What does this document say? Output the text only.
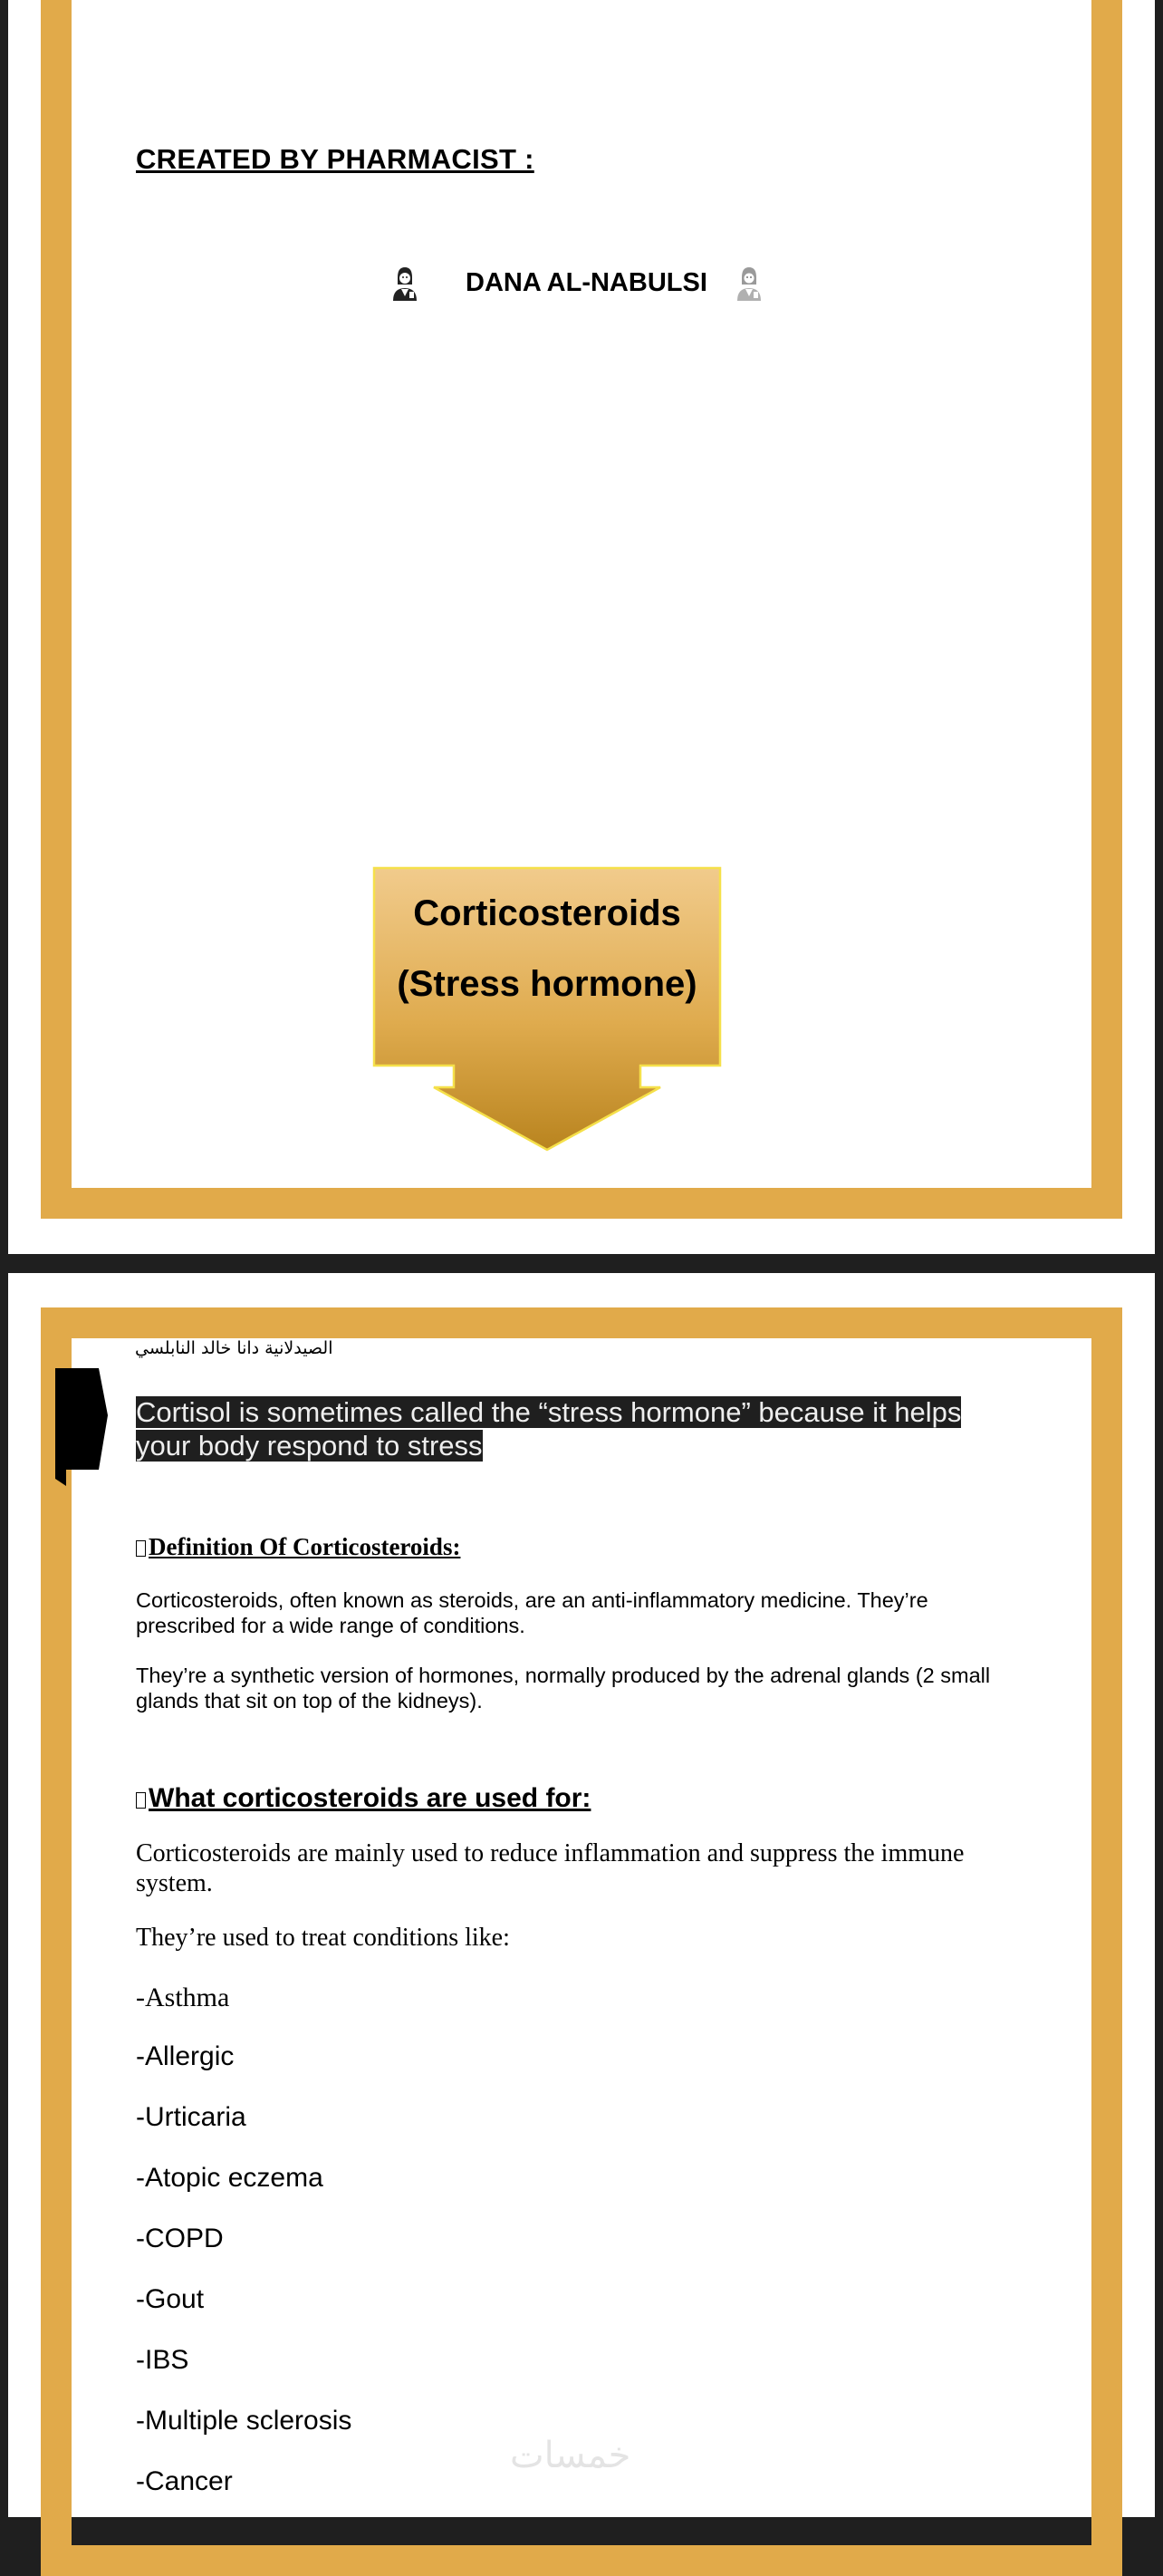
CREATED BY PHARMACIST :
DANA AL-NABULSI
Corticosteroids
(Stress hormone)
الصيدلانية دانا خالد النابلسي
Cortisol is sometimes called the “stress hormone” because it helps your body respond to stress
Definition Of Corticosteroids:
Corticosteroids, often known as steroids, are an anti-inflammatory medicine. They’re prescribed for a wide range of conditions.
They’re a synthetic version of hormones, normally produced by the adrenal glands (2 small glands that sit on top of the kidneys).
What corticosteroids are used for:
Corticosteroids are mainly used to reduce inflammation and suppress the immune system.
They’re used to treat conditions like:
-Asthma
-Allergic
-Urticaria
-Atopic eczema
-COPD
-Gout
-IBS
-Multiple sclerosis
-Cancer
خمسات
